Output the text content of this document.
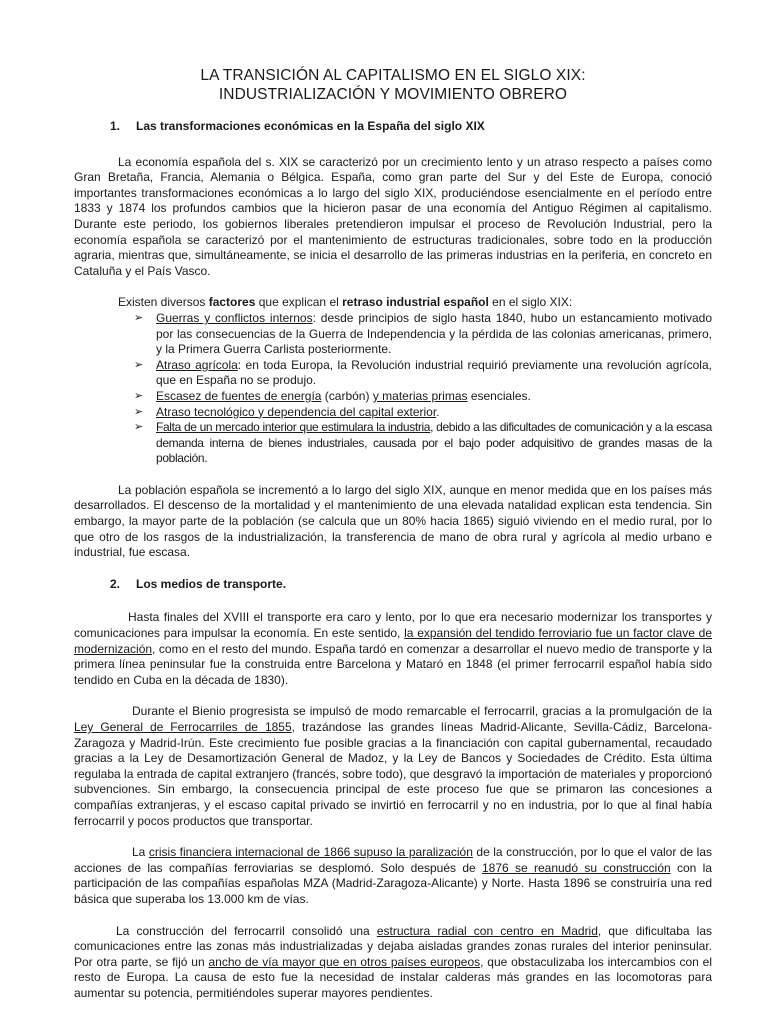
LA TRANSICIÓN AL CAPITALISMO EN EL SIGLO XIX:
INDUSTRIALIZACIÓN Y MOVIMIENTO OBRERO
1. Las transformaciones económicas en la España del siglo XIX

La economía española del s. XIX se caracterizó por un crecimiento lento y un atraso respecto a países como Gran Bretaña, Francia, Alemania o Bélgica. España, como gran parte del Sur y del Este de Europa, conoció importantes transformaciones económicas a lo largo del siglo XIX, produciéndose esencialmente en el período entre 1833 y 1874 los profundos cambios que la hicieron pasar de una economía del Antiguo Régimen al capitalismo. Durante este periodo, los gobiernos liberales pretendieron impulsar el proceso de Revolución Industrial, pero la economía española se caracterizó por el mantenimiento de estructuras tradicionales, sobre todo en la producción agraria, mientras que, simultáneamente, se inicia el desarrollo de las primeras industrias en la periferia, en concreto en Cataluña y el País Vasco.

Existen diversos factores que explican el retraso industrial español en el siglo XIX:

➢ Guerras y conflictos internos: desde principios de siglo hasta 1840, hubo un estancamiento motivado por las consecuencias de la Guerra de Independencia y la pérdida de las colonias americanas, primero, y la Primera Guerra Carlista posteriormente.
➢ Atraso agrícola: en toda Europa, la Revolución industrial requirió previamente una revolución agrícola, que en España no se produjo.
➢ Escasez de fuentes de energía (carbón) y materias primas esenciales.
➢ Atraso tecnológico y dependencia del capital exterior.
➢ Falta de un mercado interior que estimulara la industria, debido a las dificultades de comunicación y a la escasa demanda interna de bienes industriales, causada por el bajo poder adquisitivo de grandes masas de la población.

La población española se incrementó a lo largo del siglo XIX, aunque en menor medida que en los países más desarrollados. El descenso de la mortalidad y el mantenimiento de una elevada natalidad explican esta tendencia. Sin embargo, la mayor parte de la población (se calcula que un 80% hacia 1865) siguió viviendo en el medio rural, por lo que otro de los rasgos de la industrialización, la transferencia de mano de obra rural y agrícola al medio urbano e industrial, fue escasa.

2. Los medios de transporte.

Hasta finales del XVIII el transporte era caro y lento, por lo que era necesario modernizar los transportes y comunicaciones para impulsar la economía. En este sentido, la expansión del tendido ferroviario fue un factor clave de modernización, como en el resto del mundo. España tardó en comenzar a desarrollar el nuevo medio de transporte y la primera línea peninsular fue la construida entre Barcelona y Mataró en 1848 (el primer ferrocarril español había sido tendido en Cuba en la década de 1830).

Durante el Bienio progresista se impulsó de modo remarcable el ferrocarril, gracias a la promulgación de la Ley General de Ferrocarriles de 1855, trazándose las grandes líneas Madrid-Alicante, Sevilla-Cádiz, Barcelona-Zaragoza y Madrid-Irún. Este crecimiento fue posible gracias a la financiación con capital gubernamental, recaudado gracias a la Ley de Desamortización General de Madoz, y la Ley de Bancos y Sociedades de Crédito. Esta última regulaba la entrada de capital extranjero (francés, sobre todo), que desgravó la importación de materiales y proporcionó subvenciones. Sin embargo, la consecuencia principal de este proceso fue que se primaron las concesiones a compañías extranjeras, y el escaso capital privado se invirtió en ferrocarril y no en industria, por lo que al final había ferrocarril y pocos productos que transportar.

La crisis financiera internacional de 1866 supuso la paralización de la construcción, por lo que el valor de las acciones de las compañías ferroviarias se desplomó. Solo después de 1876 se reanudó su construcción con la participación de las compañías españolas MZA (Madrid-Zaragoza-Alicante) y Norte. Hasta 1896 se construiría una red básica que superaba los 13.000 km de vías.

La construcción del ferrocarril consolidó una estructura radial con centro en Madrid, que dificultaba las comunicaciones entre las zonas más industrializadas y dejaba aisladas grandes zonas rurales del interior peninsular. Por otra parte, se fijó un ancho de vía mayor que en otros países europeos, que obstaculizaba los intercambios con el resto de Europa. La causa de esto fue la necesidad de instalar calderas más grandes en las locomotoras para aumentar su potencia, permitiéndoles superar mayores pendientes.
